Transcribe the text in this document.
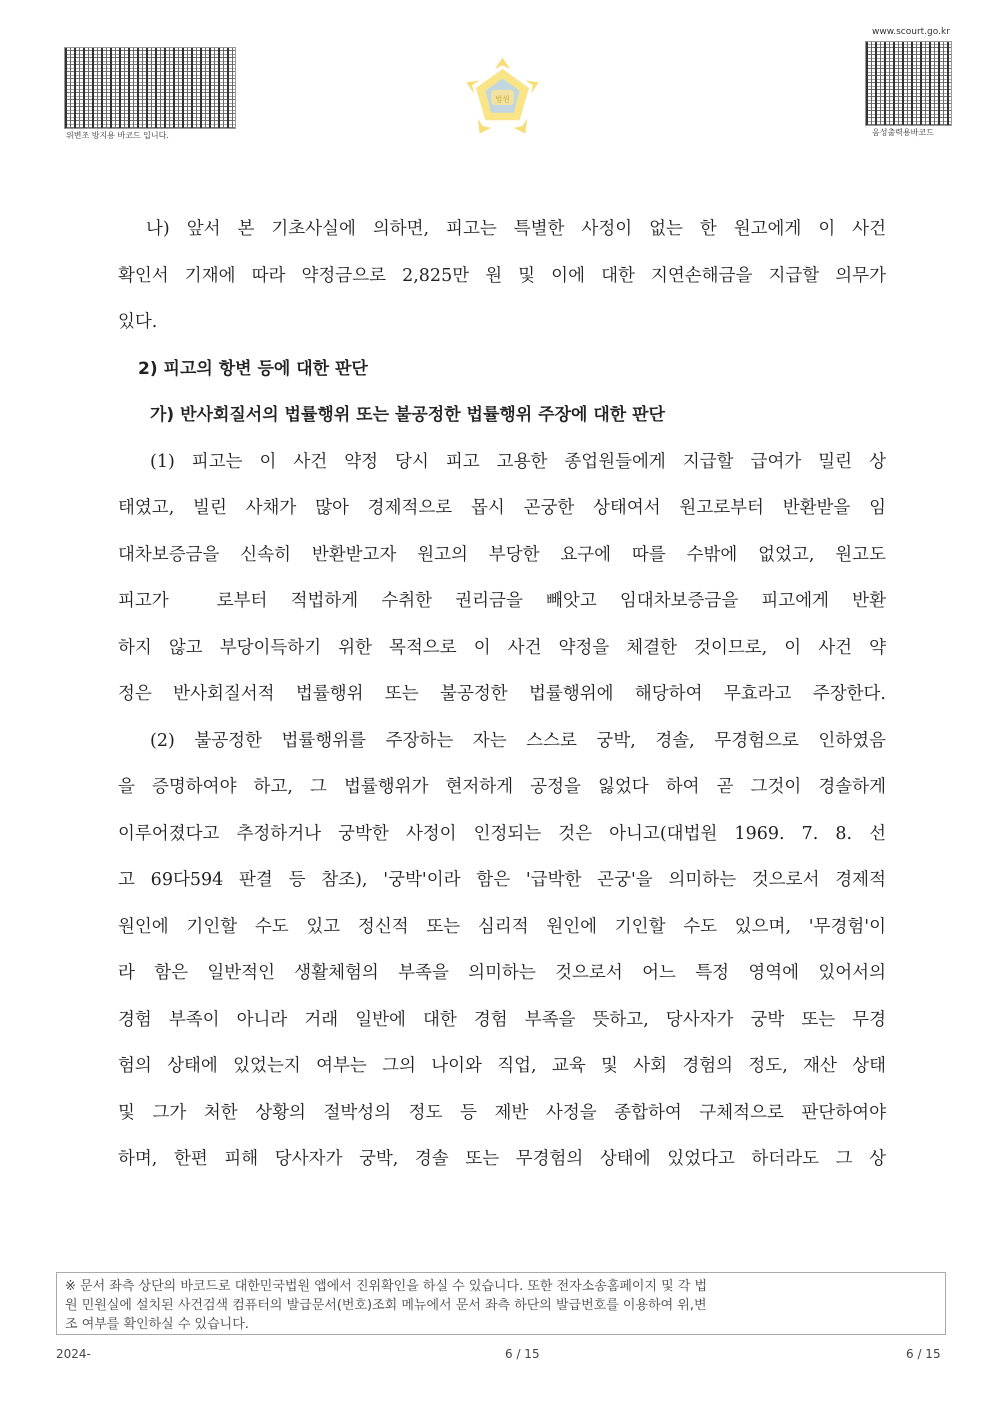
위변조 방지용 바코드 입니다.
www.scourt.go.kr
음성출력용바코드
법원
나) 앞서 본 기초사실에 의하면, 피고는 특별한 사정이 없는 한 원고에게 이 사건
확인서 기재에 따라 약정금으로 2,825만 원 및 이에 대한 지연손해금을 지급할 의무가
있다.
2) 피고의 항변 등에 대한 판단
가) 반사회질서의 법률행위 또는 불공정한 법률행위 주장에 대한 판단
(1) 피고는 이 사건 약정 당시 피고 고용한 종업원들에게 지급할 급여가 밀린 상
태였고, 빌린 사채가 많아 경제적으로 몹시 곤궁한 상태여서 원고로부터 반환받을 임
대차보증금을 신속히 반환받고자 원고의 부당한 요구에 따를 수밖에 없었고, 원고도
피고가	로부터 적법하게 수취한 권리금을 빼앗고 임대차보증금을 피고에게 반환
하지 않고 부당이득하기 위한 목적으로 이 사건 약정을 체결한 것이므로, 이 사건 약
정은 반사회질서적 법률행위 또는 불공정한 법률행위에 해당하여 무효라고 주장한다.
(2) 불공정한 법률행위를 주장하는 자는 스스로 궁박, 경솔, 무경험으로 인하였음
을 증명하여야 하고, 그 법률행위가 현저하게 공정을 잃었다 하여 곧 그것이 경솔하게
이루어졌다고 추정하거나 궁박한 사정이 인정되는 것은 아니고(대법원 1969. 7. 8. 선
고 69다594 판결 등 참조), '궁박'이라 함은 '급박한 곤궁'을 의미하는 것으로서 경제적
원인에 기인할 수도 있고 정신적 또는 심리적 원인에 기인할 수도 있으며, '무경험'이
라 함은 일반적인 생활체험의 부족을 의미하는 것으로서 어느 특정 영역에 있어서의
경험 부족이 아니라 거래 일반에 대한 경험 부족을 뜻하고, 당사자가 궁박 또는 무경
험의 상태에 있었는지 여부는 그의 나이와 직업, 교육 및 사회 경험의 정도, 재산 상태
및 그가 처한 상황의 절박성의 정도 등 제반 사정을 종합하여 구체적으로 판단하여야
하며, 한편 피해 당사자가 궁박, 경솔 또는 무경험의 상태에 있었다고 하더라도 그 상
※ 문서 좌측 상단의 바코드로 대한민국법원 앱에서 진위확인을 하실 수 있습니다. 또한 전자소송홈페이지 및 각 법
원 민원실에 설치된 사건검색 컴퓨터의 발급문서(번호)조회 메뉴에서 문서 좌측 하단의 발급번호를 이용하여 위,변
조 여부를 확인하실 수 있습니다.
2024-	6 / 15	6 / 15
